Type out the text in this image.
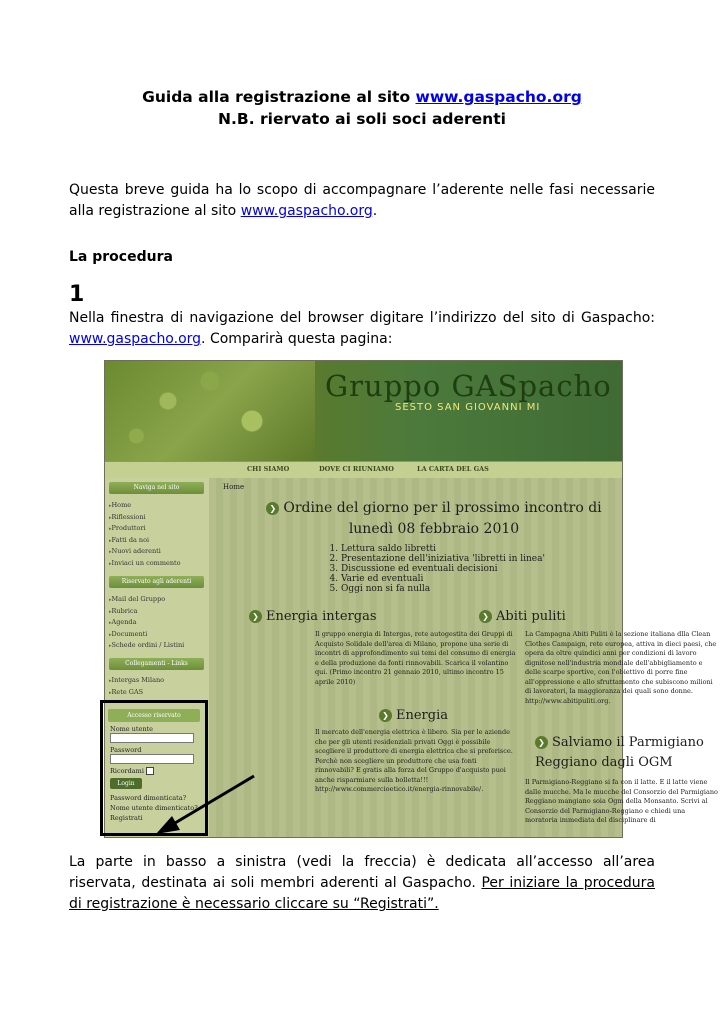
Guida alla registrazione al sito www.gaspacho.org
N.B. riervato ai soli soci aderenti
Questa breve guida ha lo scopo di accompagnare l’aderente nelle fasi necessarie alla registrazione al sito www.gaspacho.org.
La procedura
1
Nella finestra di navigazione del browser digitare l’indirizzo del sito di Gaspacho: www.gaspacho.org. Comparirà questa pagina:
Gruppo GASpacho
SESTO SAN GIOVANNI MI
CHI SIAMO	DOVE CI RIUNIAMO	LA CARTA DEL GAS
Naviga nel sito
▸ Home
▸ Riflessioni
▸ Produttori
▸ Fatti da noi
▸ Nuovi aderenti
▸ Inviaci un commento
Riservato agli aderenti
▸ Mail del Gruppo
▸ Rubrica
▸ Agenda
▸ Documenti
▸ Schede ordini / Listini
Collegamenti - Links
▸ Intergas Milano
▸ Rete GAS
Home
❯ Ordine del giorno per il prossimo incontro di lunedì 08 febbraio 2010
1. Lettura saldo libretti
2. Presentazione dell'iniziativa 'libretti in linea'
3. Discussione ed eventuali decisioni
4. Varie ed eventuali
5. Oggi non si fa nulla
❯ Energia intergas
Il gruppo energia di Intergas, rete autogestita dei Gruppi di Acquisto Solidale dell'area di Milano, propone una serie di incontri di approfondimento sui temi del consumo di energia e della produzione da fonti rinnovabili. Scarica il volantino qui. (Primo incontro 21 gennaio 2010, ultimo incontro 15 aprile 2010)
❯ Abiti puliti
La Campagna Abiti Puliti è la sezione italiana dlla Clean Clothes Campaign, rete europea, attiva in dieci paesi, che opera da oltre quindici anni per condizioni di lavoro dignitose nell'industria mondiale dell'abbigliamento e delle scarpe sportive, con l'obiettivo di porre fine all'oppressione e allo sfruttamento che subiscono milioni di lavoratori, la maggioranza dei quali sono donne. http://www.abitipuliti.org.
❯ Energia
Il mercato dell'energia elettrica è libero. Sia per le aziende che per gli utenti residenziali privati Oggi è possibile scegliere il produttore di energia elettrica che si preferisce. Perchè non scegliere un produttore che usa fonti rinnovabili? E gratis alla forza del Gruppo d'acquisto puoi anche risparmiare sulla bolletta!!! http://www.commercioetico.it/energia-rinnovabile/.
❯ Salviamo il Parmigiano Reggiano dagli OGM
Il Parmigiano-Reggiano si fa con il latte. E il latte viene dalle mucche. Ma le mucche del Consorzio del Parmigiano Reggiano mangiano soia Ogm della Monsanto. Scrivi al Consorzio del Parmigiano-Reggiano e chiedi una moratoria immediata del disciplinare di
Accesso riservato
Nome utente
Password
Ricordami
Login
Password dimenticata?
Nome utente dimenticato?
Registrati
La parte in basso a sinistra (vedi la freccia) è dedicata all’accesso all’area riservata, destinata ai soli membri aderenti al Gaspacho. Per iniziare la procedura di registrazione è necessario cliccare su “Registrati”.
